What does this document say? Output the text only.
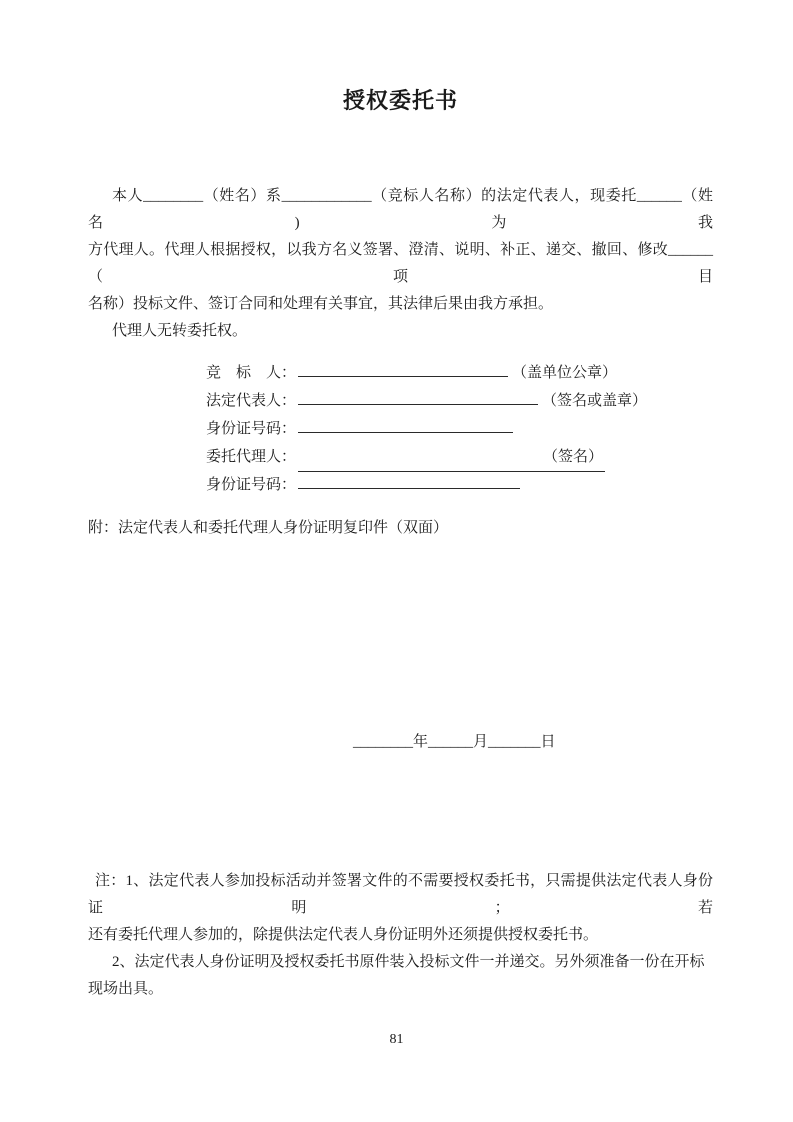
授权委托书
本人________（姓名）系____________（竞标人名称）的法定代表人，现委托______（姓名)为我
方代理人。代理人根据授权，以我方名义签署、澄清、说明、补正、递交、撤回、修改______（项目
名称）投标文件、签订合同和处理有关事宜，其法律后果由我方承担。
代理人无转委托权。
竞　标　人：	（盖单位公章）
法定代表人：	（签名或盖章）
身份证号码：
委托代理人：	（签名）
身份证号码：
附：法定代表人和委托代理人身份证明复印件（双面）
________年______月_______日
注：1、法定代表人参加投标活动并签署文件的不需要授权委托书，只需提供法定代表人身份证明；若
还有委托代理人参加的，除提供法定代表人身份证明外还须提供授权委托书。
2、法定代表人身份证明及授权委托书原件装入投标文件一并递交。另外须准备一份在开标现场出具。
81
